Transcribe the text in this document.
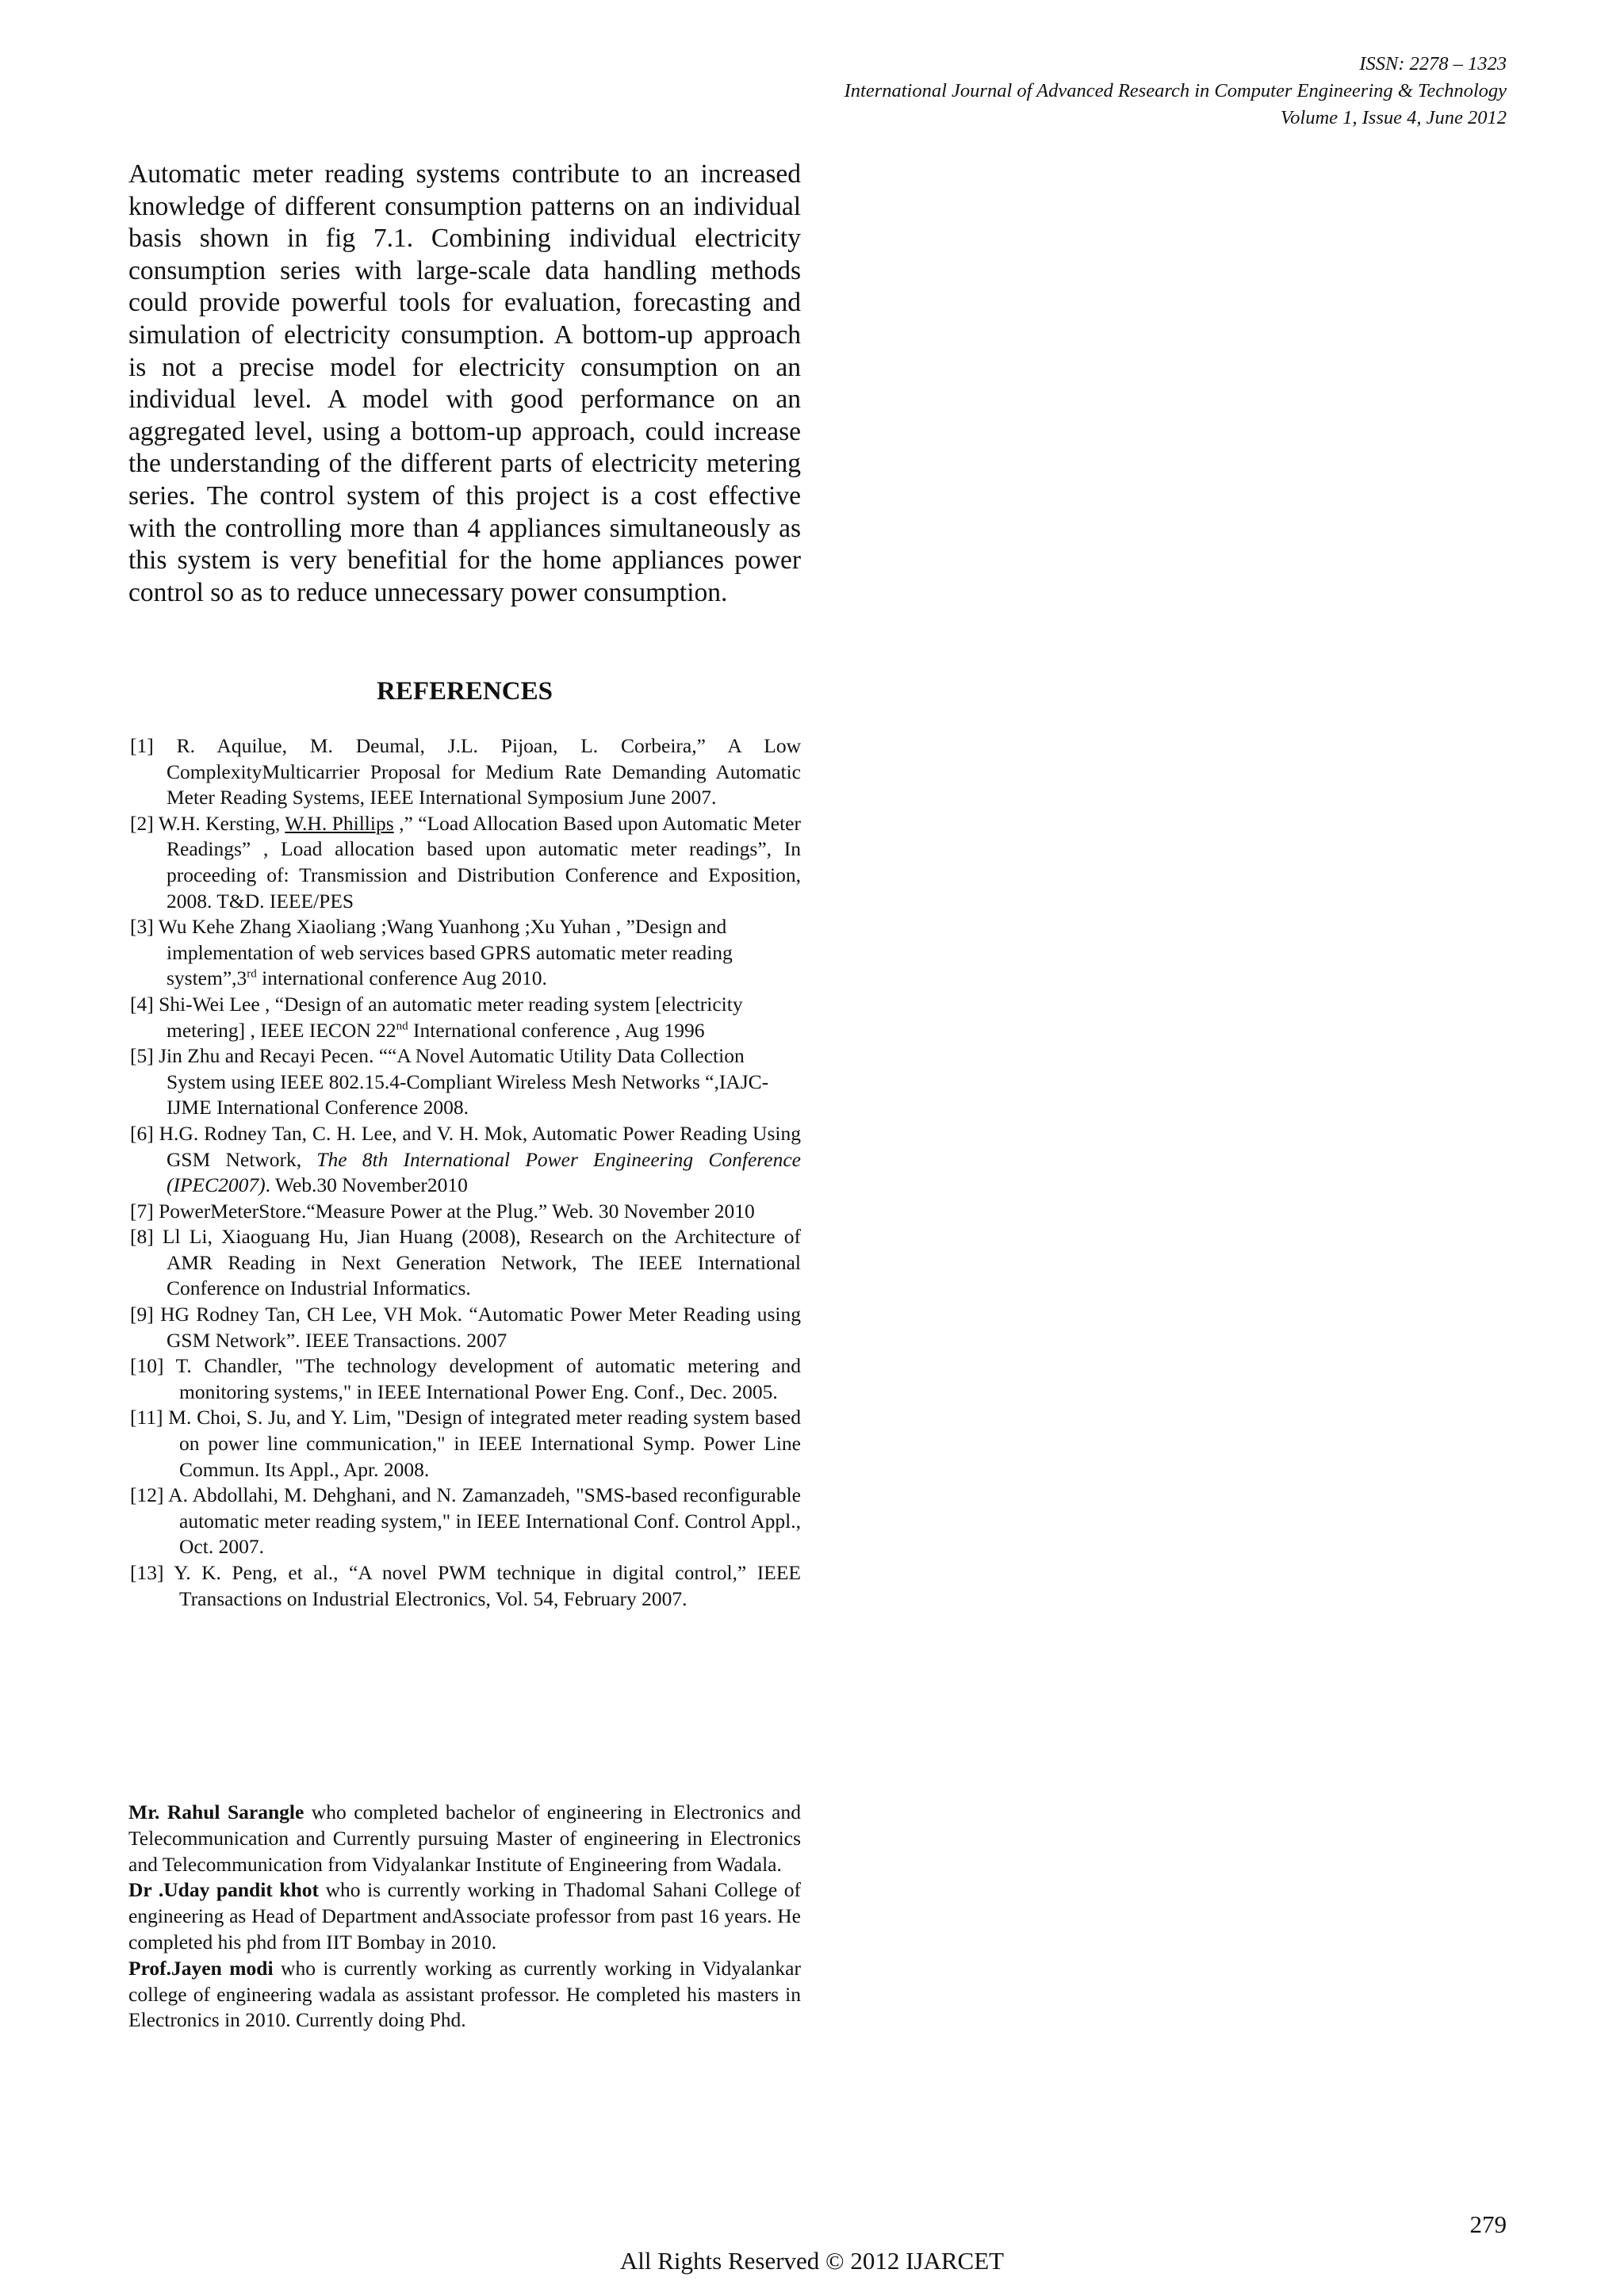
ISSN: 2278 – 1323
International Journal of Advanced Research in Computer Engineering & Technology
Volume 1, Issue 4, June 2012

Automatic meter reading systems contribute to an increased knowledge of different consumption patterns on an individual basis shown in fig 7.1. Combining individual electricity consumption series with large-scale data handling methods could provide powerful tools for evaluation, forecasting and simulation of electricity consumption. A bottom-up approach is not a precise model for electricity consumption on an individual level. A model with good performance on an aggregated level, using a bottom-up approach, could increase the understanding of the different parts of electricity metering series. The control system of this project is a cost effective with the controlling more than 4 appliances simultaneously as this system is very benefitial for the home appliances power control so as to reduce unnecessary power consumption.

REFERENCES

[1] R. Aquilue, M. Deumal, J.L. Pijoan, L. Corbeira,” A Low ComplexityMulticarrier Proposal for Medium Rate Demanding Automatic Meter Reading Systems, IEEE International Symposium June 2007.

[2] W.H. Kersting, W.H. Phillips ,” “Load Allocation Based upon Automatic Meter Readings” , Load allocation based upon automatic meter readings”, In proceeding of: Transmission and Distribution Conference and Exposition, 2008. T&D. IEEE/PES

[3] Wu Kehe Zhang Xiaoliang ;Wang Yuanhong ;Xu Yuhan , ”Design and implementation of web services based GPRS automatic meter reading system”,3rd international conference Aug 2010.

[4] Shi-Wei Lee , “Design of an automatic meter reading system [electricity metering] , IEEE IECON 22nd International conference , Aug 1996

[5] Jin Zhu and Recayi Pecen. ““A Novel Automatic Utility Data Collection System using IEEE 802.15.4-Compliant Wireless Mesh Networks “,IAJC-IJME International Conference 2008.

[6] H.G. Rodney Tan, C. H. Lee, and V. H. Mok, Automatic Power Reading Using GSM Network, The 8th International Power Engineering Conference (IPEC2007). Web.30 November2010

[7] PowerMeterStore.“Measure Power at the Plug.” Web. 30 November 2010

[8] Ll Li, Xiaoguang Hu, Jian Huang (2008), Research on the Architecture of AMR Reading in Next Generation Network, The IEEE International Conference on Industrial Informatics.

[9] HG Rodney Tan, CH Lee, VH Mok. “Automatic Power Meter Reading using GSM Network”. IEEE Transactions. 2007

[10] T. Chandler, "The technology development of automatic metering and monitoring systems," in IEEE International Power Eng. Conf., Dec. 2005.

[11] M. Choi, S. Ju, and Y. Lim, "Design of integrated meter reading system based on power line communication," in IEEE International Symp. Power Line Commun. Its Appl., Apr. 2008.

[12] A. Abdollahi, M. Dehghani, and N. Zamanzadeh, "SMS-based reconfigurable automatic meter reading system," in IEEE International Conf. Control Appl., Oct. 2007.

[13] Y. K. Peng, et al., “A novel PWM technique in digital control,” IEEE Transactions on Industrial Electronics, Vol. 54, February 2007.

Mr. Rahul Sarangle who completed bachelor of engineering in Electronics and Telecommunication and Currently pursuing Master of engineering in Electronics and Telecommunication from Vidyalankar Institute of Engineering from Wadala.

Dr .Uday pandit khot who is currently working in Thadomal Sahani College of engineering as Head of Department andAssociate professor from past 16 years. He completed his phd from IIT Bombay in 2010.

Prof.Jayen modi who is currently working as currently working in Vidyalankar college of engineering wadala as assistant professor. He completed his masters in Electronics in 2010. Currently doing Phd.

279
All Rights Reserved © 2012 IJARCET
